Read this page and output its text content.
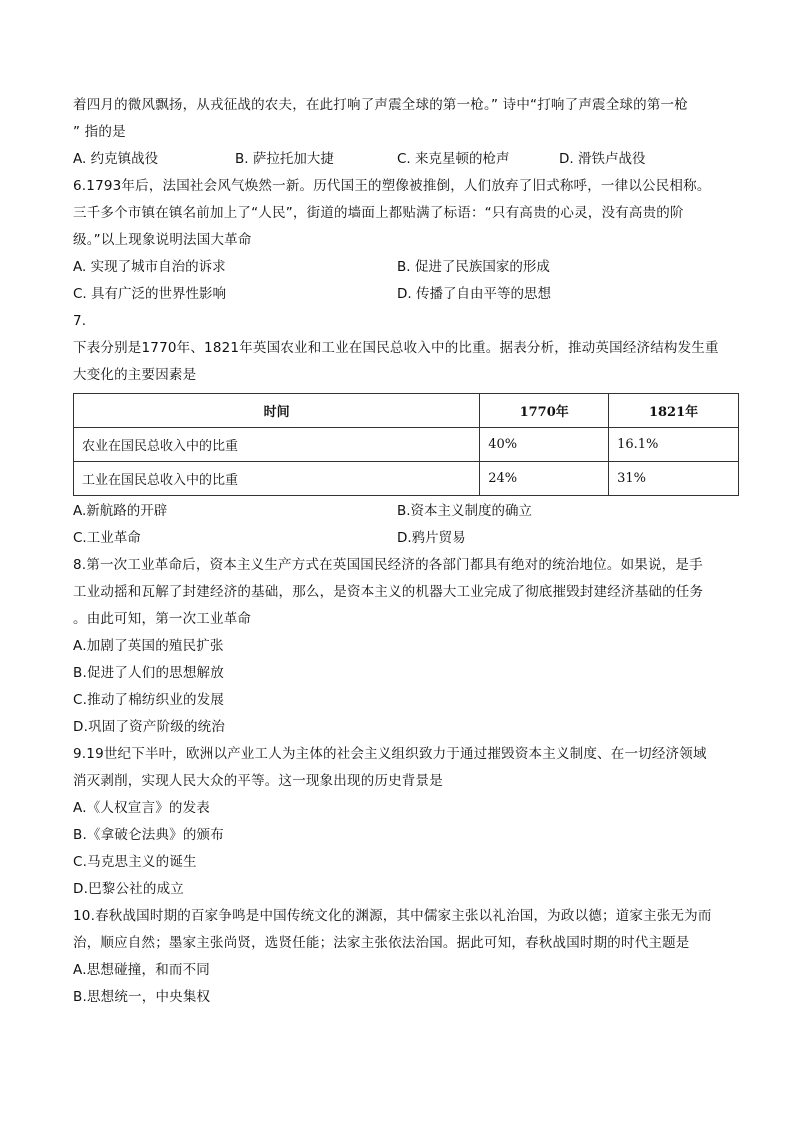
着四月的微风飘扬，从戎征战的农夫，在此打响了声震全球的第一枪。” 诗中“打响了声震全球的第一枪
” 指的是
A. 约克镇战役	B. 萨拉托加大捷	C. 来克星顿的枪声	D. 滑铁卢战役
6.1793年后，法国社会风气焕然一新。历代国王的塑像被推倒，人们放弃了旧式称呼，一律以公民相称。
三千多个市镇在镇名前加上了“人民”，街道的墙面上都贴满了标语：“只有高贵的心灵，没有高贵的阶
级。”以上现象说明法国大革命
A. 实现了城市自治的诉求	B. 促进了民族国家的形成
C. 具有广泛的世界性影响	D. 传播了自由平等的思想
7.
下表分别是1770年、1821年英国农业和工业在国民总收入中的比重。据表分析，推动英国经济结构发生重
大变化的主要因素是
时间	1770年	1821年
农业在国民总收入中的比重	40%	16.1%
工业在国民总收入中的比重	24%	31%
A.新航路的开辟	B.资本主义制度的确立
C.工业革命	D.鸦片贸易
8.第一次工业革命后，资本主义生产方式在英国国民经济的各部门都具有绝对的统治地位。如果说，是手
工业动摇和瓦解了封建经济的基础，那么，是资本主义的机器大工业完成了彻底摧毁封建经济基础的任务
。由此可知，第一次工业革命
A.加剧了英国的殖民扩张
B.促进了人们的思想解放
C.推动了棉纺织业的发展
D.巩固了资产阶级的统治
9.19世纪下半叶，欧洲以产业工人为主体的社会主义组织致力于通过摧毁资本主义制度、在一切经济领域
消灭剥削，实现人民大众的平等。这一现象出现的历史背景是
A.《人权宣言》的发表
B.《拿破仑法典》的颁布
C.马克思主义的诞生
D.巴黎公社的成立
10.春秋战国时期的百家争鸣是中国传统文化的渊源，其中儒家主张以礼治国，为政以德；道家主张无为而
治，顺应自然；墨家主张尚贤，选贤任能；法家主张依法治国。据此可知，春秋战国时期的时代主题是
A.思想碰撞，和而不同
B.思想统一，中央集权
